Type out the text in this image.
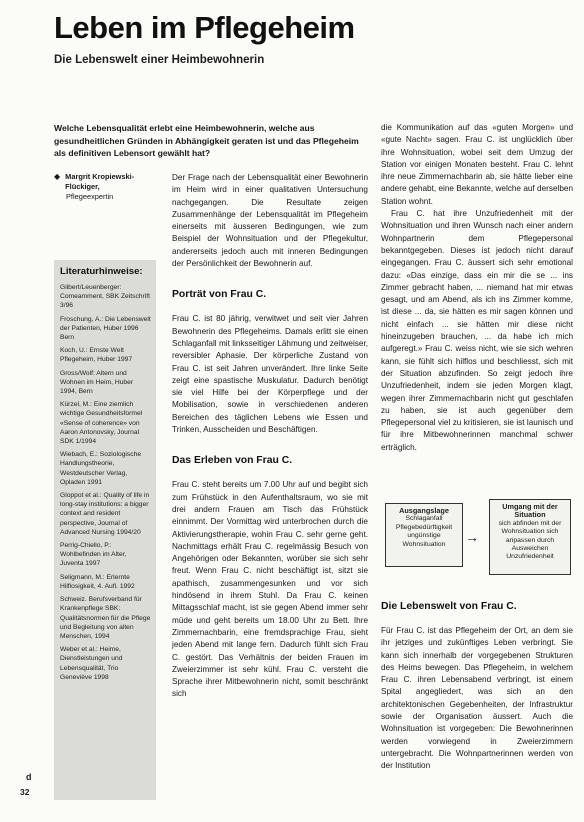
Leben im Pflegeheim
Die Lebenswelt einer Heimbewohnerin

Welche Lebensqualität erlebt eine Heimbewohnerin, welche aus gesundheitlichen Gründen in Abhängigkeit geraten ist und das Pflegeheim als definitiven Lebensort gewählt hat?

◆ Margrit Kropiewski-Flückiger,
Pflegeexpertin
Literaturhinweise:
Gilbert/Leuenberger: Comeamment, SBK Zeitschrift 3/96
Froschung, A.: Die Lebenswelt der Patienten, Huber 1996 Bern
Koch, U.: Ernste Welt Pflegeheim, Huber 1997
Gross/Wolf: Altern und Wohnen im Heim, Huber 1994, Bern
Kürzel, M.: Eine ziemlich wichtige Gesundheitsformel «Sense of coherence» von Aaron Antonovsky, Journal SDK 1/1994
Wiebach, E.: Soziologische Handlungstheorie, Westdeutscher Verlag, Opladen 1991
Gloppot et al.: Quality of life in long-stay institutions: a bigger context and resident perspective, Journal of Advanced Nursing 1994/20
Perrig-Chiello, P.: Wohlbefinden im Alter, Juventa 1997
Seligmann, M.: Erlernte Hilflosigkeit, 4. Aufl. 1992
Schweiz. Berufsverband für Krankenpflege SBK: Qualitätsnormen für die Pflege und Begleitung von alten Menschen, 1994
Weber et al.: Heime, Dienstleistungen und Lebensqualität, Trio Geneviève 1998

Der Frage nach der Lebensqualität einer Bewohnerin im Heim wird in einer qualitativen Untersuchung nachgegangen. Die Resultate zeigen Zusammenhänge der Lebensqualität im Pflegeheim einerseits mit äusseren Bedingungen, wie zum Beispiel der Wohnsituation und der Pflegekultur, andererseits jedoch auch mit inneren Bedingungen der Persönlichkeit der Bewohnerin auf.

Porträt von Frau C.

Frau C. ist 80 jährig, verwitwet und seit vier Jahren Bewohnerin des Pflegeheims. Damals erlitt sie einen Schlaganfall mit linksseitiger Lähmung und zeitweiser, reversibler Aphasie. Der körperliche Zustand von Frau C. ist seit Jahren unverändert. Ihre linke Seite zeigt eine spastische Muskulatur. Dadurch benötigt sie viel Hilfe bei der Körperpflege und der Mobilisation, sowie in verschiedenen anderen Bereichen des täglichen Lebens wie Essen und Trinken, Ausscheiden und Beschäftigen.

Das Erleben von Frau C.

Frau C. steht bereits um 7.00 Uhr auf und begibt sich zum Frühstück in den Aufenthaltsraum, wo sie mit drei andern Frauen am Tisch das Frühstück einnimmt. Der Vormittag wird unterbrochen durch die Aktivierungstherapie, wohin Frau C. sehr gerne geht. Nachmittags erhält Frau C. regelmässig Besuch von Angehörigen oder Bekannten, worüber sie sich sehr freut. Wenn Frau C. nicht beschäftigt ist, sitzt sie apathisch, zusammengesunken und vor sich hindösend in ihrem Stuhl. Da Frau C. keinen Mittagsschlaf macht, ist sie gegen Abend immer sehr müde und geht bereits um 18.00 Uhr zu Bett. Ihre Zimmernachbarin, eine fremdsprachige Frau, sieht jeden Abend mit lange fern. Dadurch fühlt sich Frau C. gestört. Das Verhältnis der beiden Frauen im Zweierzimmer ist sehr kühl. Frau C. versteht die Sprache ihrer Mitbewohnerin nicht, somit beschränkt sich

die Kommunikation auf das «guten Morgen» und «gute Nacht» sagen. Frau C. ist unglücklich über ihre Wohnsituation, wobei seit dem Umzug der Station vor einigen Monaten besteht. Frau C. lehnt ihre neue Zimmernachbarin ab, sie hätte lieber eine andere gehabt, eine Bekannte, welche auf derselben Station wohnt.

Frau C. hat ihre Unzufriedenheit mit der Wohnsituation und ihren Wunsch nach einer andern Wohnpartnerin dem Pflegepersonal bekanntgegeben. Dieses ist jedoch nicht darauf eingegangen. Frau C. äussert sich sehr emotional dazu: «Das einzige, dass ein mir die se ... ins Zimmer gebracht haben, ... niemand hat mir etwas gesagt, und am Abend, als ich ins Zimmer komme, ist diese ... da, sie hätten es mir sagen können und nicht einfach ... sie hätten mir diese nicht hineinzugeben brauchen, ... da habe ich mich aufgeregt.» Frau C. weiss nicht, wie sie sich wehren kann, sie fühlt sich hilflos und beschliesst, sich mit der Situation abzufinden. So zeigt jedoch ihre Unzufriedenheit, indem sie jeden Morgen klagt, wegen ihrer Zimmernachbarin nicht gut geschlafen zu haben, sie ist auch gegenüber dem Pflegepersonal viel zu kritisieren, sie ist launisch und für ihre Mitbewohnerinnen manchmal schwer erträglich.

Ausgangslage
Schlaganfall Pflegebedürftigkeit ungünstige Wohnsituation	→
Umgang mit der Situation
sich abfinden mit der Wohnsituation sich anpassen durch Ausweichen Unzufriedenheit
Die Lebenswelt von Frau C.

Für Frau C. ist das Pflegeheim der Ort, an dem sie ihr jetziges und zukünftiges Leben verbringt. Sie kann sich innerhalb der vorgegebenen Strukturen des Heims bewegen. Das Pflegeheim, in welchem Frau C. ihren Lebensabend verbringt, ist einem Spital angegliedert, was sich an den architektonischen Gegebenheiten, der Infrastruktur sowie der Organisation äussert. Auch die Wohnsituation ist vorgegeben: Die Bewohnerinnen werden vorwiegend in Zweierzimmern untergebracht. Die Wohnpartnerinnen werden von der Institution

d
32
